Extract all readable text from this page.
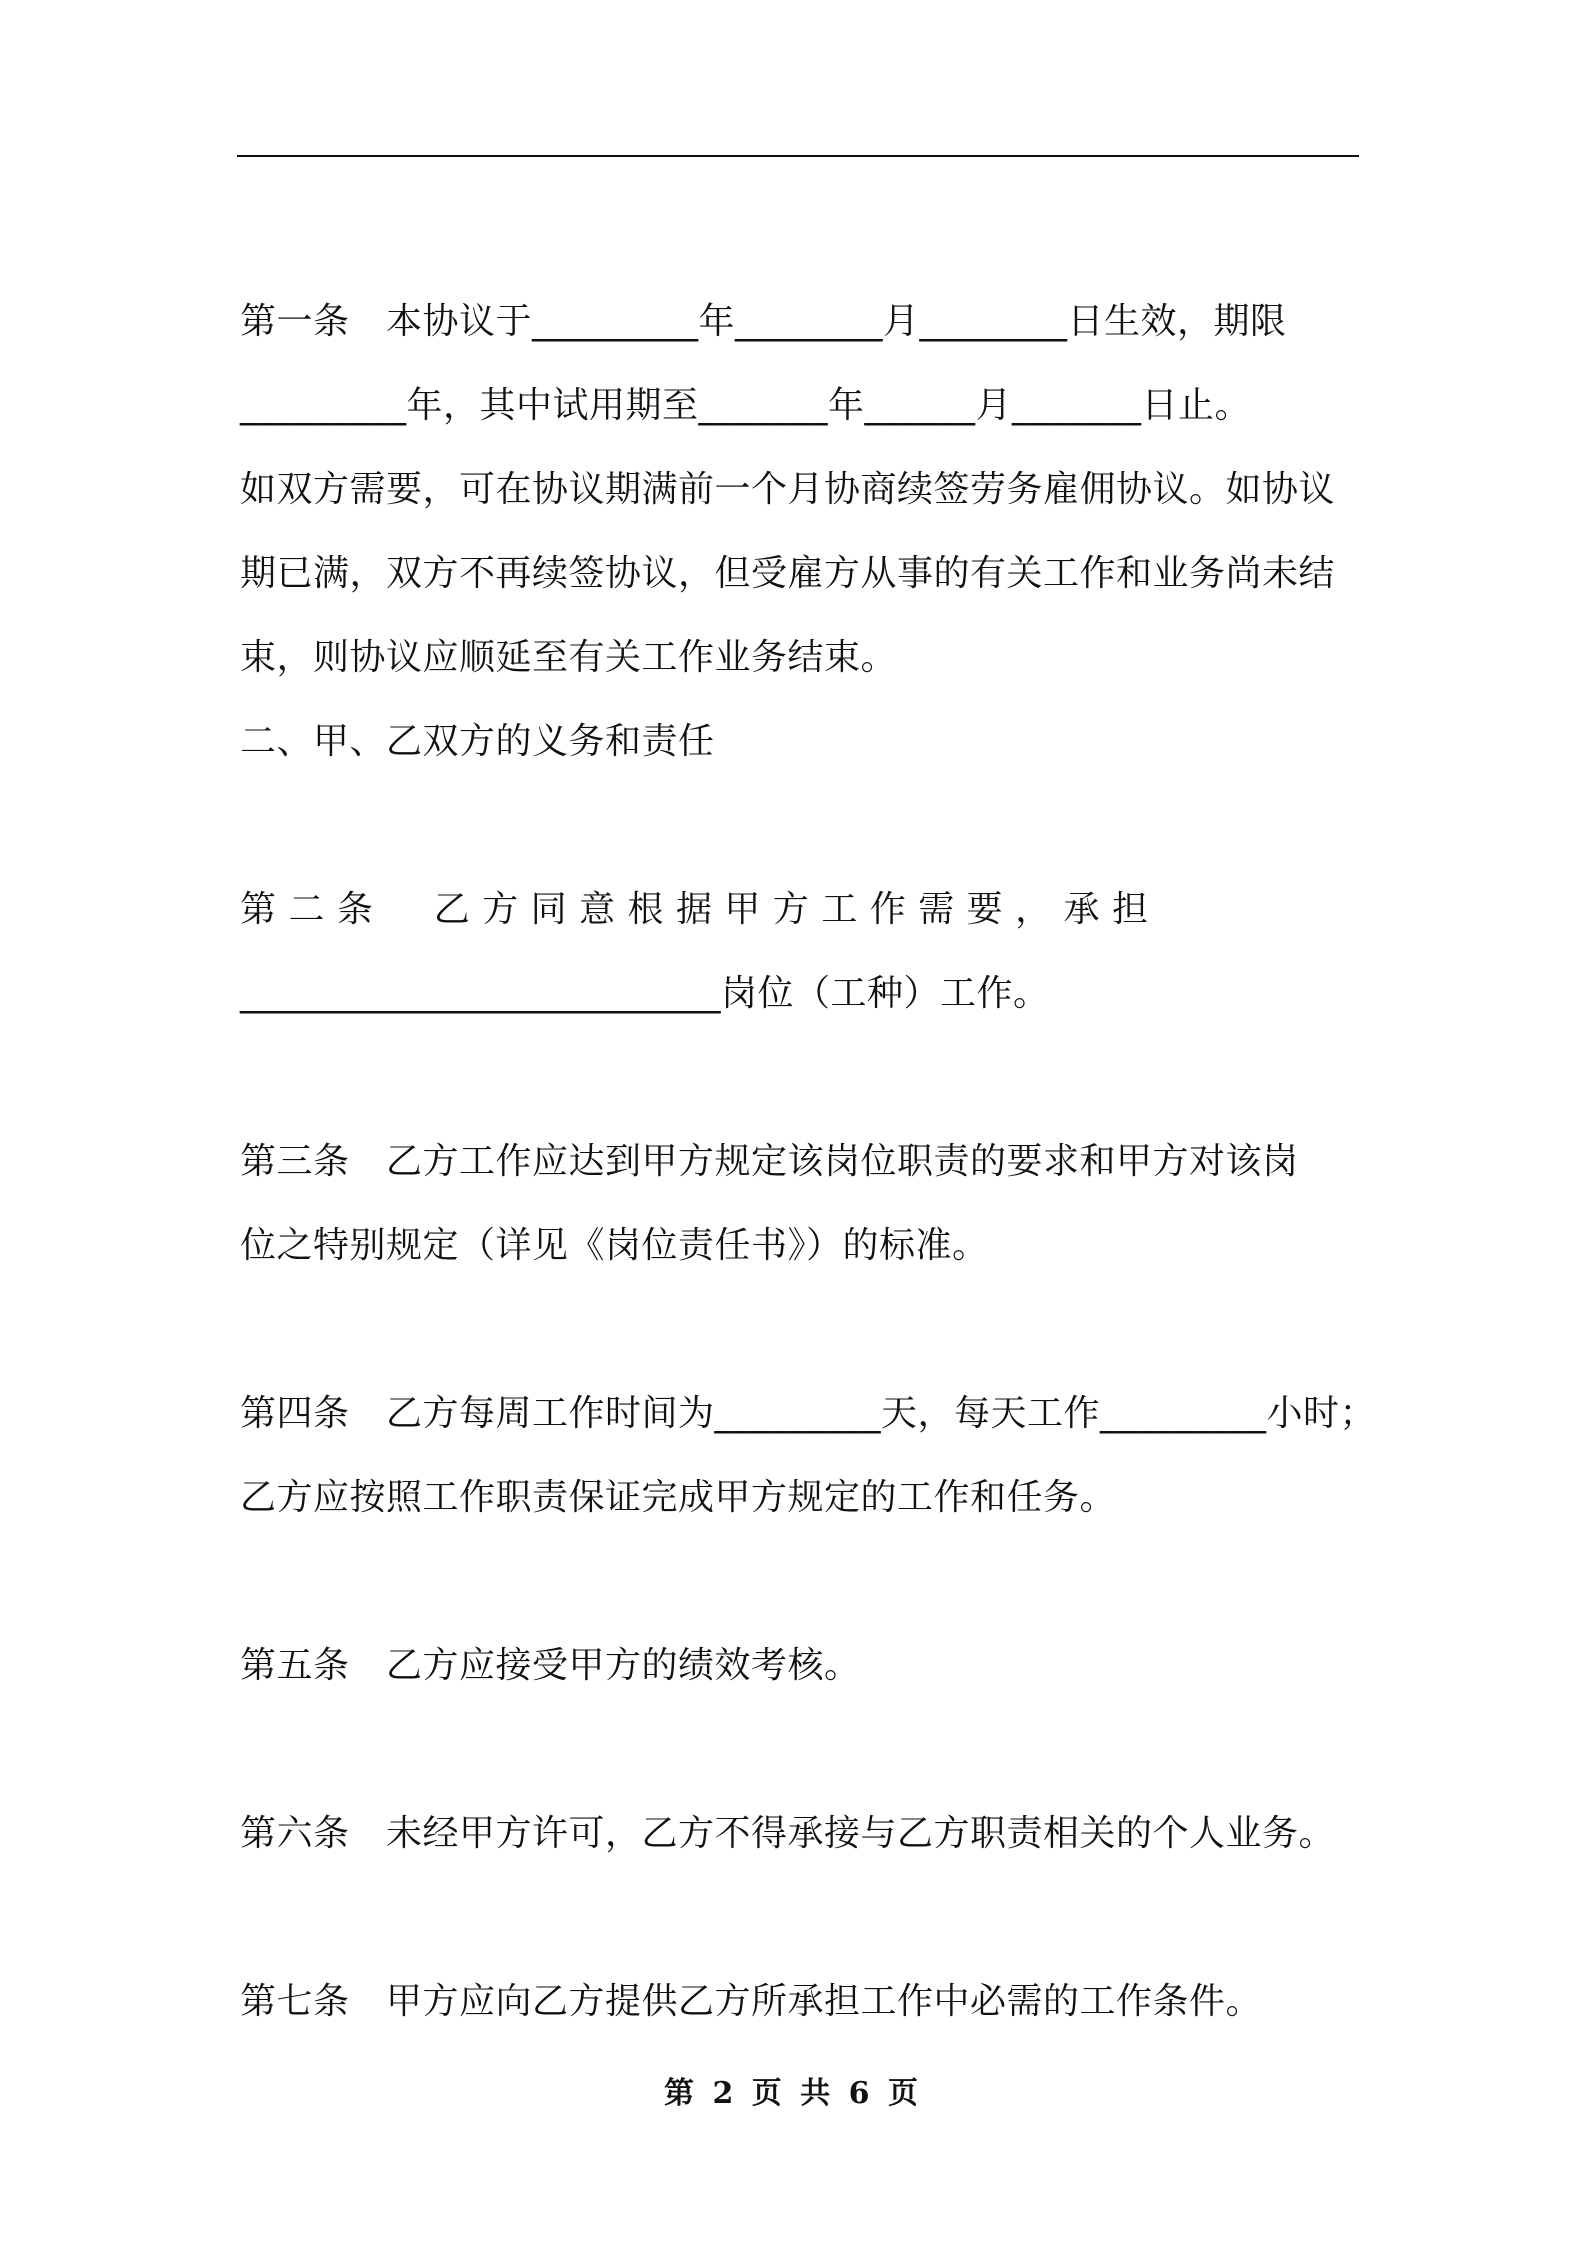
第一条　本协议于_________年________月________日生效，期限
_________年，其中试用期至_______年______月_______日止。
如双方需要，可在协议期满前一个月协商续签劳务雇佣协议。如协议
期已满，双方不再续签协议，但受雇方从事的有关工作和业务尚未结
束，则协议应顺延至有关工作业务结束。
二、甲、乙双方的义务和责任
第 二 条 　 乙 方 同 意 根 据 甲 方 工 作 需 要 ， 承 担
__________________________岗位（工种）工作。
第三条　乙方工作应达到甲方规定该岗位职责的要求和甲方对该岗
位之特别规定（详见《岗位责任书》）的标准。
第四条　乙方每周工作时间为_________天，每天工作_________小时；
乙方应按照工作职责保证完成甲方规定的工作和任务。
第五条　乙方应接受甲方的绩效考核。
第六条　未经甲方许可，乙方不得承接与乙方职责相关的个人业务。
第七条　甲方应向乙方提供乙方所承担工作中必需的工作条件。
第 2 页 共 6 页
